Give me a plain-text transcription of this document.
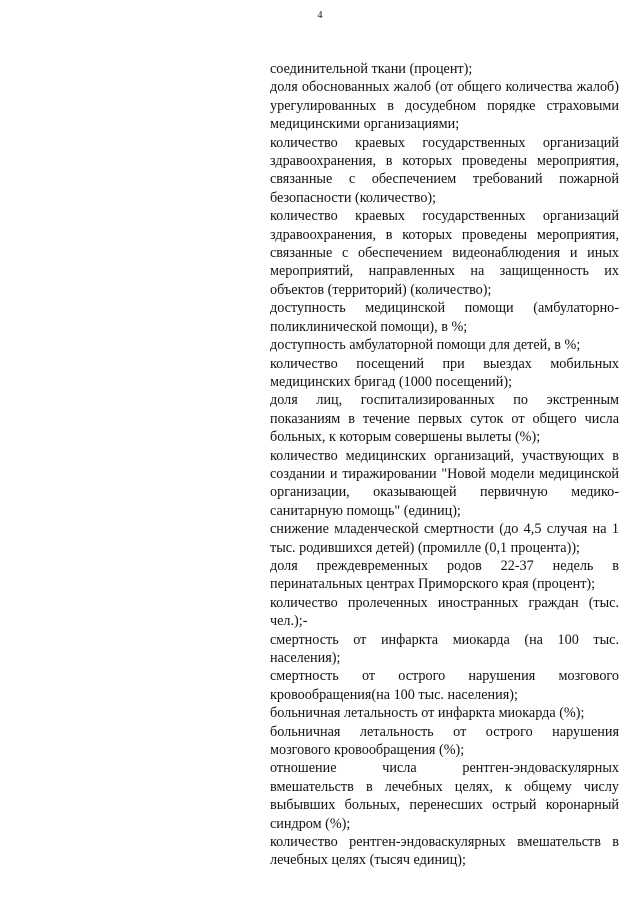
4

соединительной ткани (процент);

доля обоснованных жалоб (от общего количества жалоб) урегулированных в досудебном порядке страховыми медицинскими организациями;

количество краевых государственных организаций здравоохранения, в которых проведены мероприятия, связанные с обеспечением требований пожарной безопасности (количество);

количество краевых государственных организаций здравоохранения, в которых проведены мероприятия, связанные с обеспечением видеонаблюдения и иных мероприятий, направленных на защищенность их объектов (территорий) (количество);

доступность медицинской помощи (амбулаторно-поликлинической помощи), в %;

доступность амбулаторной помощи для детей, в %;

количество посещений при выездах мобильных медицинских бригад (1000 посещений);

доля лиц, госпитализированных по экстренным показаниям в течение первых суток от общего числа больных, к которым совершены вылеты (%);

количество медицинских организаций, участвующих в создании и тиражировании "Новой модели медицинской организации, оказывающей первичную медико-санитарную помощь" (единиц);

снижение младенческой смертности (до 4,5 случая на 1 тыс. родившихся детей) (промилле (0,1 процента));

доля преждевременных родов 22-37 недель в перинатальных центрах Приморского края (процент);

количество пролеченных иностранных граждан (тыс. чел.);-

смертность от инфаркта миокарда (на 100 тыс. населения);

смертность от острого нарушения мозгового кровообращения(на 100 тыс. населения);

больничная летальность от инфаркта миокарда (%);

больничная летальность от острого нарушения мозгового кровообращения (%);

отношение числа рентген-эндоваскулярных вмешательств в лечебных целях, к общему числу выбывших больных, перенесших острый коронарный синдром (%);

количество рентген-эндоваскулярных вмешательств в лечебных целях (тысяч единиц);
